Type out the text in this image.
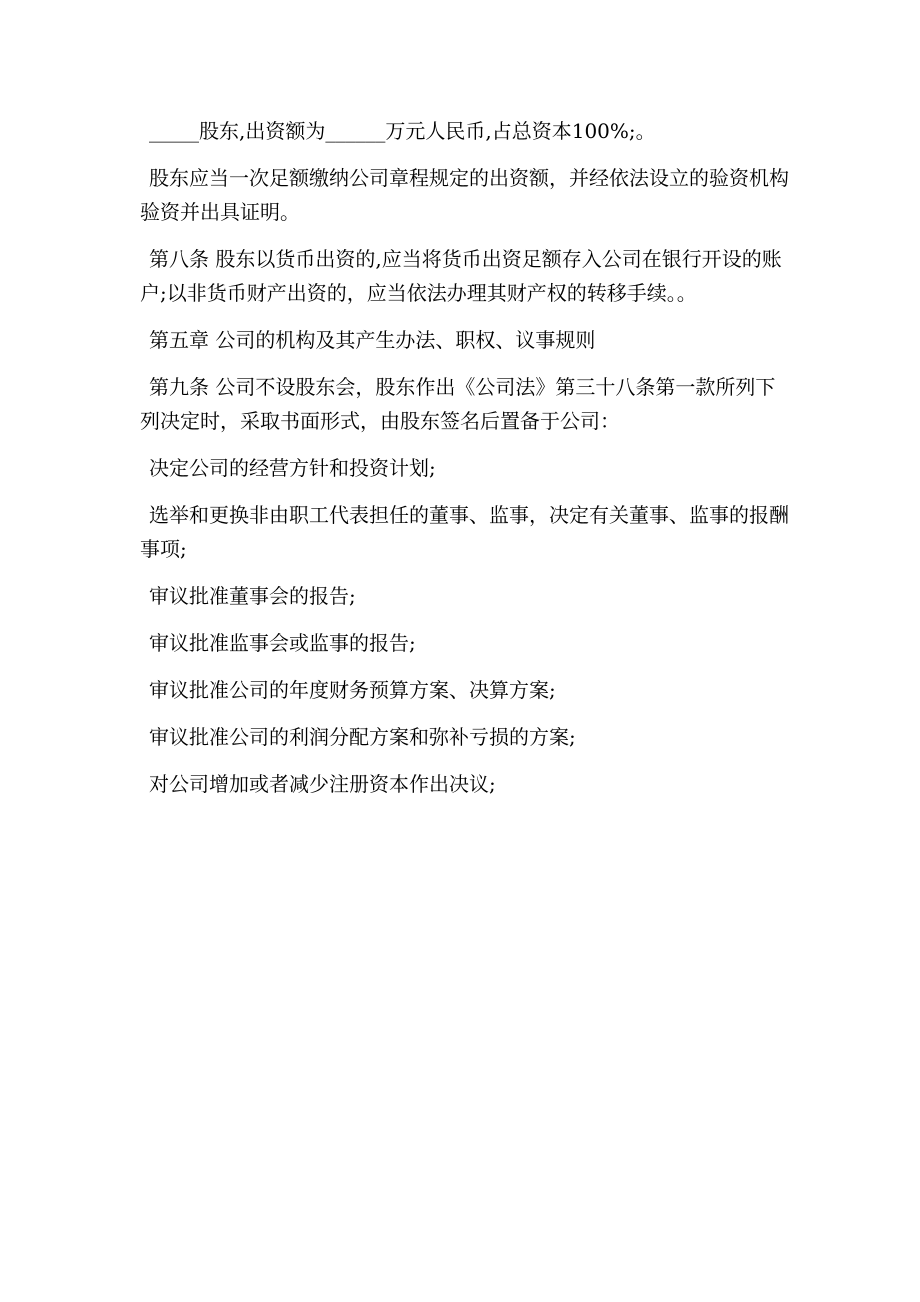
_____股东,出资额为______万元人民币,占总资本100%;。

股东应当一次足额缴纳公司章程规定的出资额，并经依法设立的验资机构验资并出具证明。

第八条 股东以货币出资的,应当将货币出资足额存入公司在银行开设的账户;以非货币财产出资的，应当依法办理其财产权的转移手续。。

第五章 公司的机构及其产生办法、职权、议事规则

第九条 公司不设股东会，股东作出《公司法》第三十八条第一款所列下列决定时，采取书面形式，由股东签名后置备于公司：

决定公司的经营方针和投资计划;

选举和更换非由职工代表担任的董事、监事，决定有关董事、监事的报酬事项;

审议批准董事会的报告;

审议批准监事会或监事的报告;

审议批准公司的年度财务预算方案、决算方案;

审议批准公司的利润分配方案和弥补亏损的方案;

对公司增加或者减少注册资本作出决议;
